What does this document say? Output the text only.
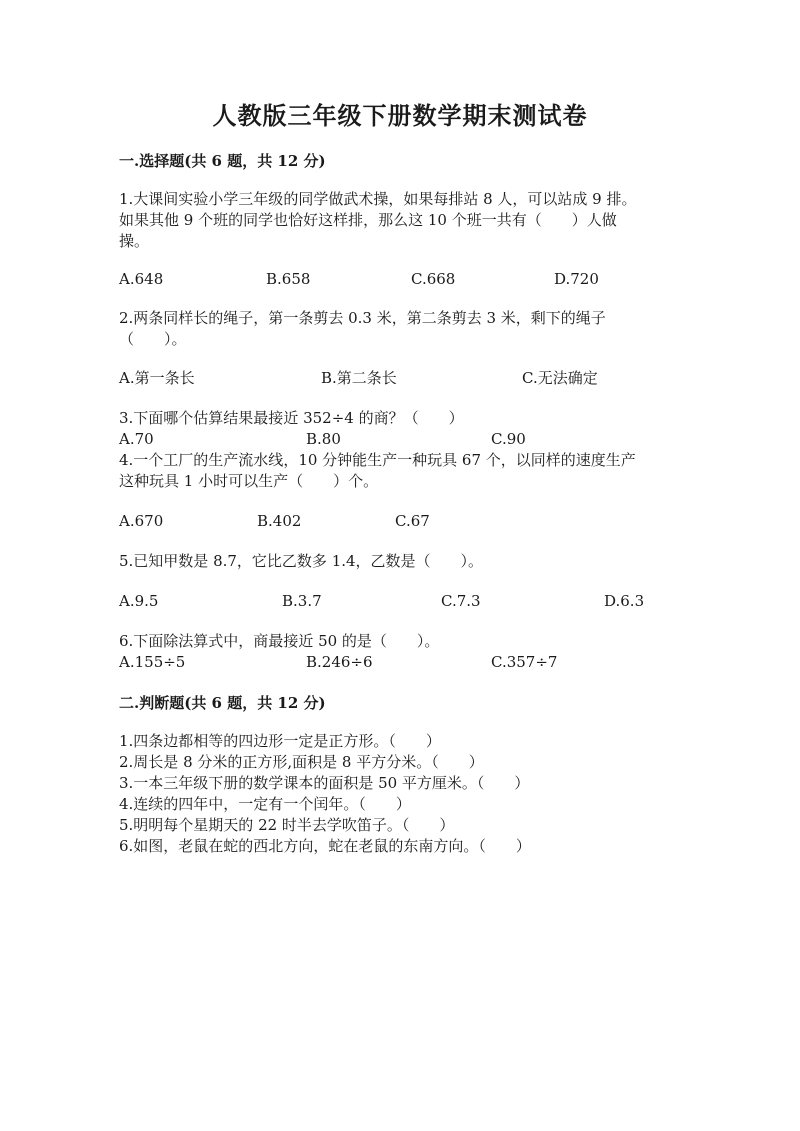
人教版三年级下册数学期末测试卷
一.选择题(共 6 题，共 12 分)
1.大课间实验小学三年级的同学做武术操，如果每排站 8 人，可以站成 9 排。
如果其他 9 个班的同学也恰好这样排，那么这 10 个班一共有（　　）人做
操。
A.648	B.658	C.668	D.720
2.两条同样长的绳子，第一条剪去 0.3 米，第二条剪去 3 米，剩下的绳子
（　　）。
A.第一条长	B.第二条长	C.无法确定
3.下面哪个估算结果最接近 352÷4 的商？（　　）
A.70	B.80	C.90
4.一个工厂的生产流水线，10 分钟能生产一种玩具 67 个，以同样的速度生产
这种玩具 1 小时可以生产（　　）个。
A.670	B.402	C.67
5.已知甲数是 8.7，它比乙数多 1.4，乙数是（　　）。
A.9.5	B.3.7	C.7.3	D.6.3
6.下面除法算式中，商最接近 50 的是（　　）。
A.155÷5	B.246÷6	C.357÷7
二.判断题(共 6 题，共 12 分)
1.四条边都相等的四边形一定是正方形。（　　）
2.周长是 8 分米的正方形,面积是 8 平方分米。（　　）
3.一本三年级下册的数学课本的面积是 50 平方厘米。（　　）
4.连续的四年中，一定有一个闰年。（　　）
5.明明每个星期天的 22 时半去学吹笛子。（　　）
6.如图，老鼠在蛇的西北方向，蛇在老鼠的东南方向。（　　）
